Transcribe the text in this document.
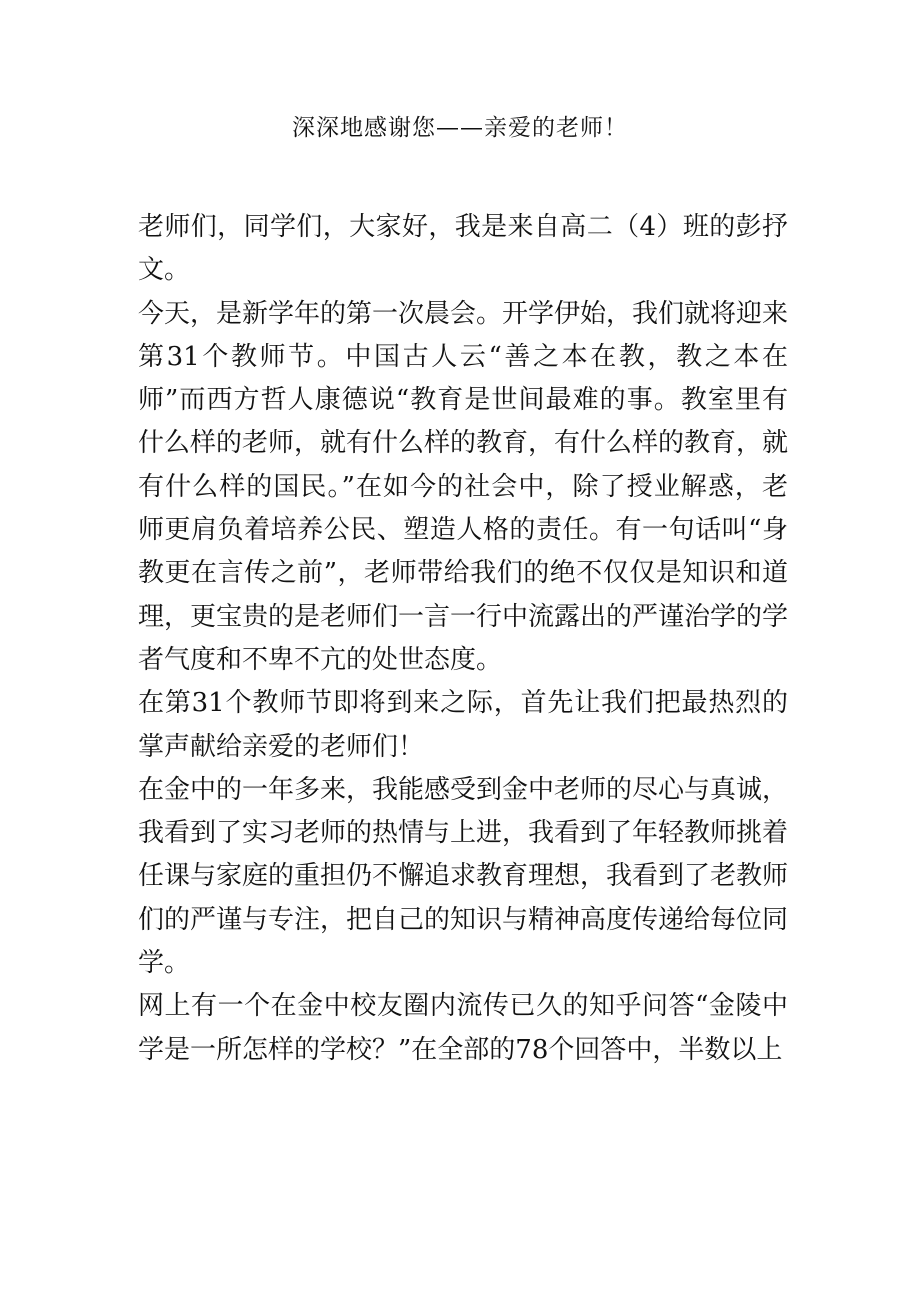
深深地感谢您——亲爱的老师！

老师们，同学们，大家好，我是来自高二（4）班的彭抒文。

今天，是新学年的第一次晨会。开学伊始，我们就将迎来第31个教师节。中国古人云“善之本在教，教之本在师”而西方哲人康德说“教育是世间最难的事。教室里有什么样的老师，就有什么样的教育，有什么样的教育，就有什么样的国民。”在如今的社会中，除了授业解惑，老师更肩负着培养公民、塑造人格的责任。有一句话叫“身教更在言传之前”，老师带给我们的绝不仅仅是知识和道理，更宝贵的是老师们一言一行中流露出的严谨治学的学者气度和不卑不亢的处世态度。

在第31个教师节即将到来之际，首先让我们把最热烈的掌声献给亲爱的老师们！

在金中的一年多来，我能感受到金中老师的尽心与真诚，我看到了实习老师的热情与上进，我看到了年轻教师挑着任课与家庭的重担仍不懈追求教育理想，我看到了老教师们的严谨与专注，把自己的知识与精神高度传递给每位同学。

网上有一个在金中校友圈内流传已久的知乎问答“金陵中学是一所怎样的学校？”在全部的78个回答中，半数以上
